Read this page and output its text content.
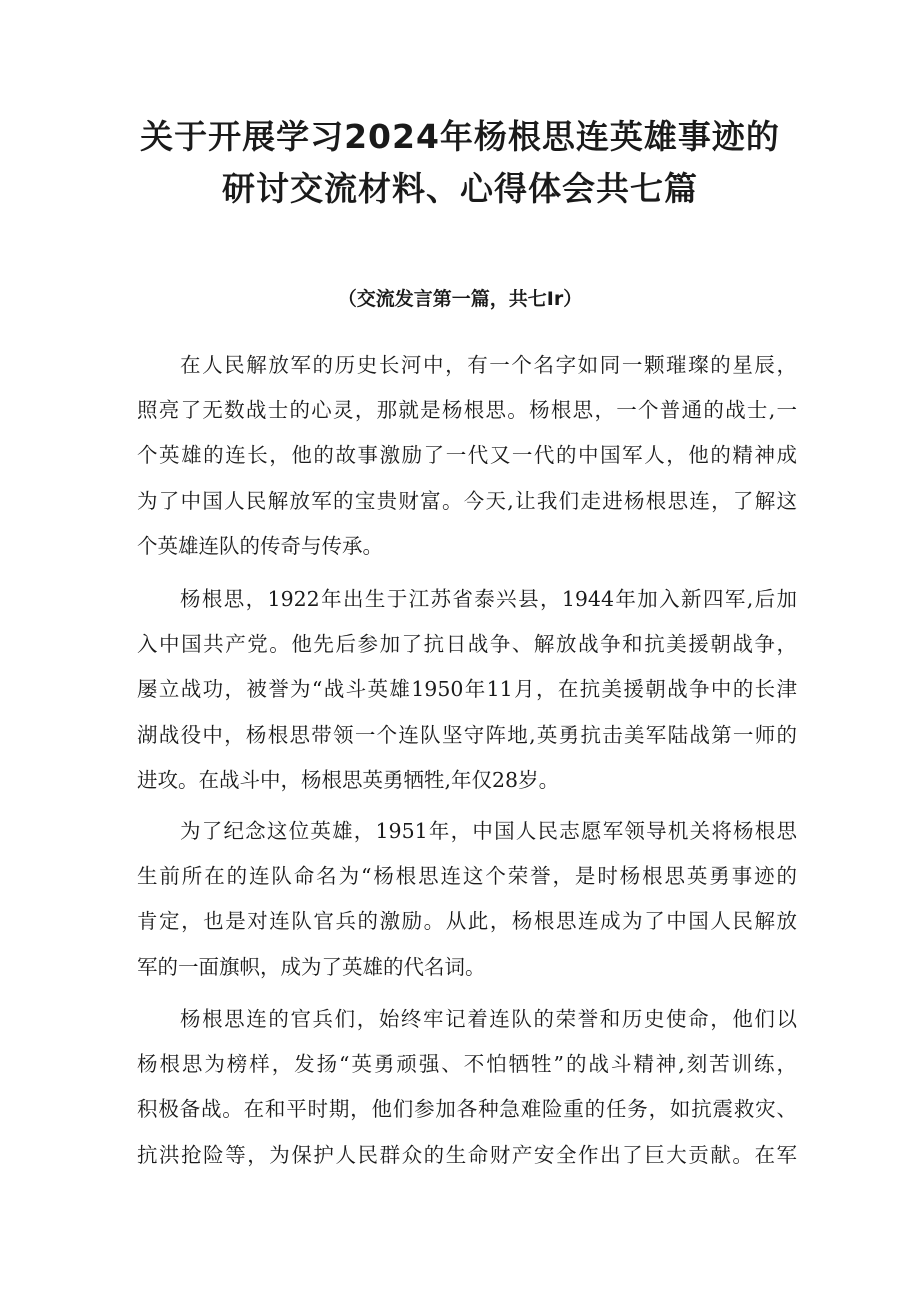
关于开展学习2024年杨根思连英雄事迹的
研讨交流材料、心得体会共七篇

（交流发言第一篇，共七Ir）

在人民解放军的历史长河中，有一个名字如同一颗璀璨的星辰，
照亮了无数战士的心灵，那就是杨根思。杨根思，一个普通的战士,一
个英雄的连长，他的故事激励了一代又一代的中国军人，他的精神成
为了中国人民解放军的宝贵财富。今天,让我们走进杨根思连，了解这
个英雄连队的传奇与传承。
杨根思，1922年出生于江苏省泰兴县，1944年加入新四军,后加
入中国共产党。他先后参加了抗日战争、解放战争和抗美援朝战争，
屡立战功，被誉为“战斗英雄1950年11月，在抗美援朝战争中的长津
湖战役中，杨根思带领一个连队坚守阵地,英勇抗击美军陆战第一师的
进攻。在战斗中，杨根思英勇牺牲,年仅28岁。
为了纪念这位英雄，1951年，中国人民志愿军领导机关将杨根思
生前所在的连队命名为“杨根思连这个荣誉，是时杨根思英勇事迹的
肯定，也是对连队官兵的激励。从此，杨根思连成为了中国人民解放
军的一面旗帜，成为了英雄的代名词。
杨根思连的官兵们，始终牢记着连队的荣誉和历史使命，他们以
杨根思为榜样，发扬“英勇顽强、不怕牺牲”的战斗精神,刻苦训练，
积极备战。在和平时期，他们参加各种急难险重的任务，如抗震救灾、
抗洪抢险等，为保护人民群众的生命财产安全作出了巨大贡献。在军
